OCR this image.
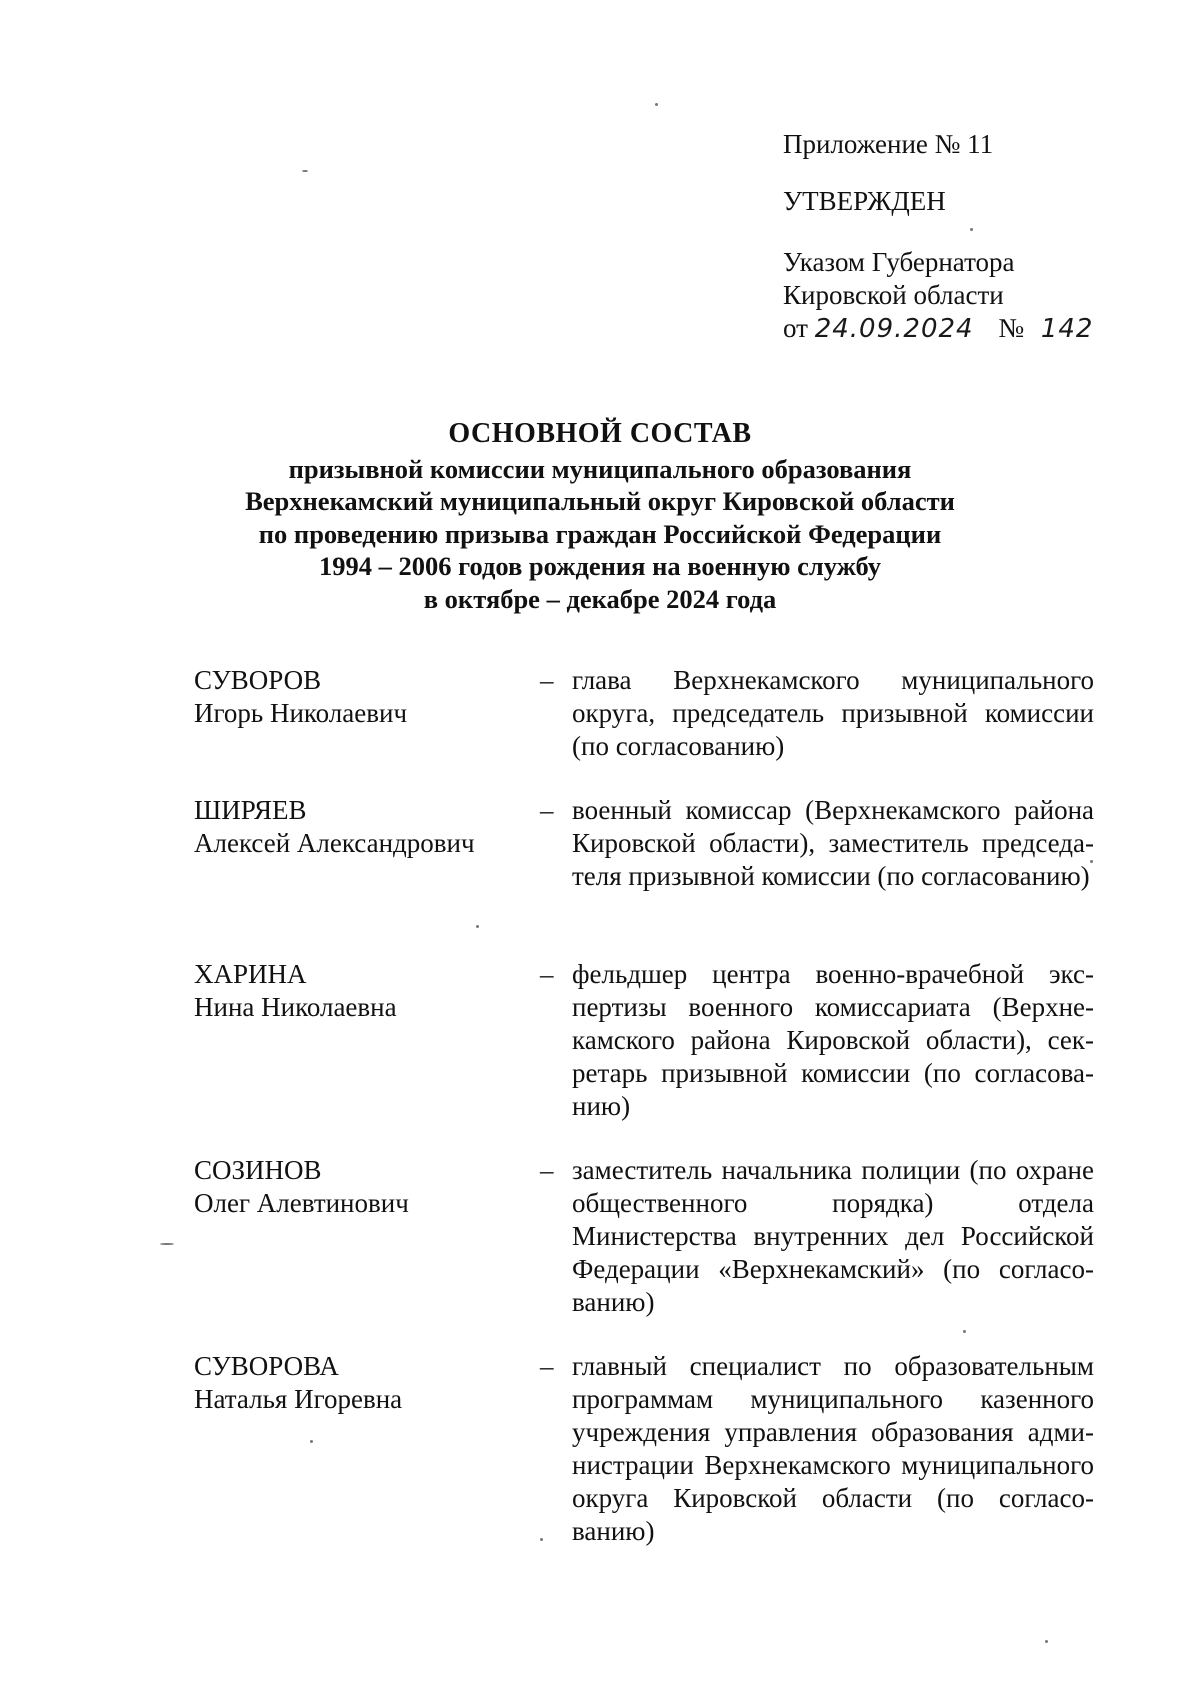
Приложение № 11
УТВЕРЖДЕН
Указом Губернатора
Кировской области
от 24.09.2024 № 142
ОСНОВНОЙ СОСТАВ
призывной комиссии муниципального образования
Верхнекамский муниципальный округ Кировской области
по проведению призыва граждан Российской Федерации
1994 – 2006 годов рождения на военную службу
в октябре – декабре 2024 года
СУВОРОВ
Игорь Николаевич
– глава Верхнекамского муниципального округа, председатель призывной комиссии (по согласованию)
ШИРЯЕВ
Алексей Александрович
– военный комиссар (Верхнекамского района Кировской области), заместитель председателя призывной комиссии (по согласованию)
ХАРИНА
Нина Николаевна
– фельдшер центра военно-врачебной экспертизы военного комиссариата (Верхнекамского района Кировской области), секретарь призывной комиссии (по согласованию)
СОЗИНОВ
Олег Алевтинович
– заместитель начальника полиции (по охране общественного порядка) отдела Министерства внутренних дел Российской Федерации «Верхнекамский» (по согласованию)
СУВОРОВА
Наталья Игоревна
– главный специалист по образовательным программам муниципального казенного учреждения управления образования администрации Верхнекамского муниципального округа Кировской области (по согласованию)
